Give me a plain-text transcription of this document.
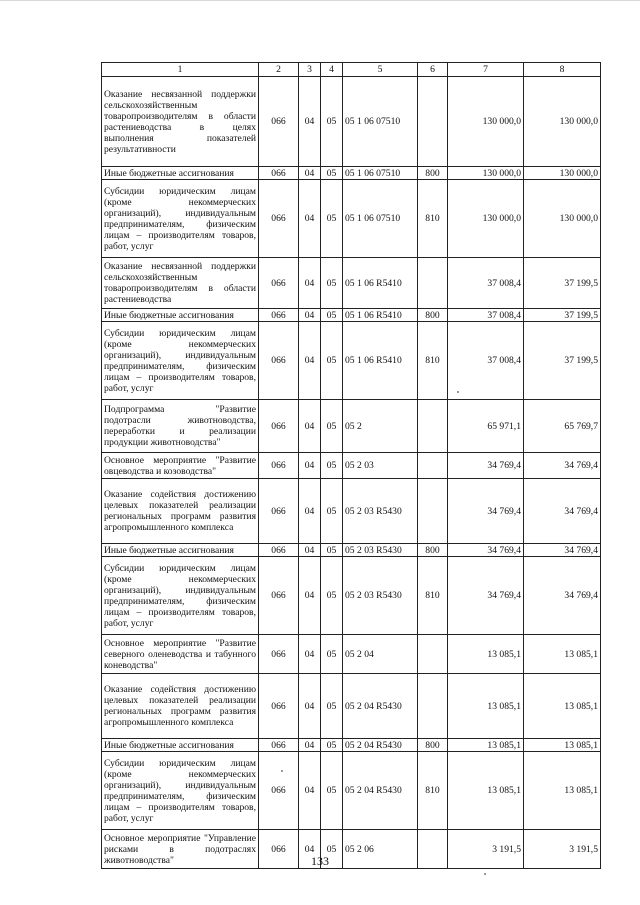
1	2	3	4	5	6	7	8
Оказание несвязанной поддержки сельскохозяйственным товаропроизводителям в области растениеводства в целях выполнения показателей результативности	066	04	05	05 1 06 07510		130 000,0	130 000,0
Иные бюджетные ассигнования	066	04	05	05 1 06 07510	800	130 000,0	130 000,0
Субсидии юридическим лицам (кроме некоммерческих организаций), индивидуальным предпринимателям, физическим лицам – производителям товаров, работ, услуг	066	04	05	05 1 06 07510	810	130 000,0	130 000,0
Оказание несвязанной поддержки сельскохозяйственным товаропроизводителям в области растениеводства	066	04	05	05 1 06 R5410		37 008,4	37 199,5
Иные бюджетные ассигнования	066	04	05	05 1 06 R5410	800	37 008,4	37 199,5
Субсидии юридическим лицам (кроме некоммерческих организаций), индивидуальным предпринимателям, физическим лицам – производителям товаров, работ, услуг	066	04	05	05 1 06 R5410	810	37 008,4	37 199,5
Подпрограмма "Развитие подотрасли животноводства, переработки и реализации продукции животноводства"	066	04	05	05 2		65 971,1	65 769,7
Основное мероприятие "Развитие овцеводства и козоводства"	066	04	05	05 2 03		34 769,4	34 769,4
Оказание содействия достижению целевых показателей реализации региональных программ развития агропромышленного комплекса	066	04	05	05 2 03 R5430		34 769,4	34 769,4
Иные бюджетные ассигнования	066	04	05	05 2 03 R5430	800	34 769,4	34 769,4
Субсидии юридическим лицам (кроме некоммерческих организаций), индивидуальным предпринимателям, физическим лицам – производителям товаров, работ, услуг	066	04	05	05 2 03 R5430	810	34 769,4	34 769,4
Основное мероприятие "Развитие северного оленеводства и табунного коневодства"	066	04	05	05 2 04		13 085,1	13 085,1
Оказание содействия достижению целевых показателей реализации региональных программ развития агропромышленного комплекса	066	04	05	05 2 04 R5430		13 085,1	13 085,1
Иные бюджетные ассигнования	066	04	05	05 2 04 R5430	800	13 085,1	13 085,1
Субсидии юридическим лицам (кроме некоммерческих организаций), индивидуальным предпринимателям, физическим лицам – производителям товаров, работ, услуг	066	04	05	05 2 04 R5430	810	13 085,1	13 085,1
Основное мероприятие "Управление рисками в подотраслях животноводства"	066	04	05	05 2 06		3 191,5	3 191,5
133
